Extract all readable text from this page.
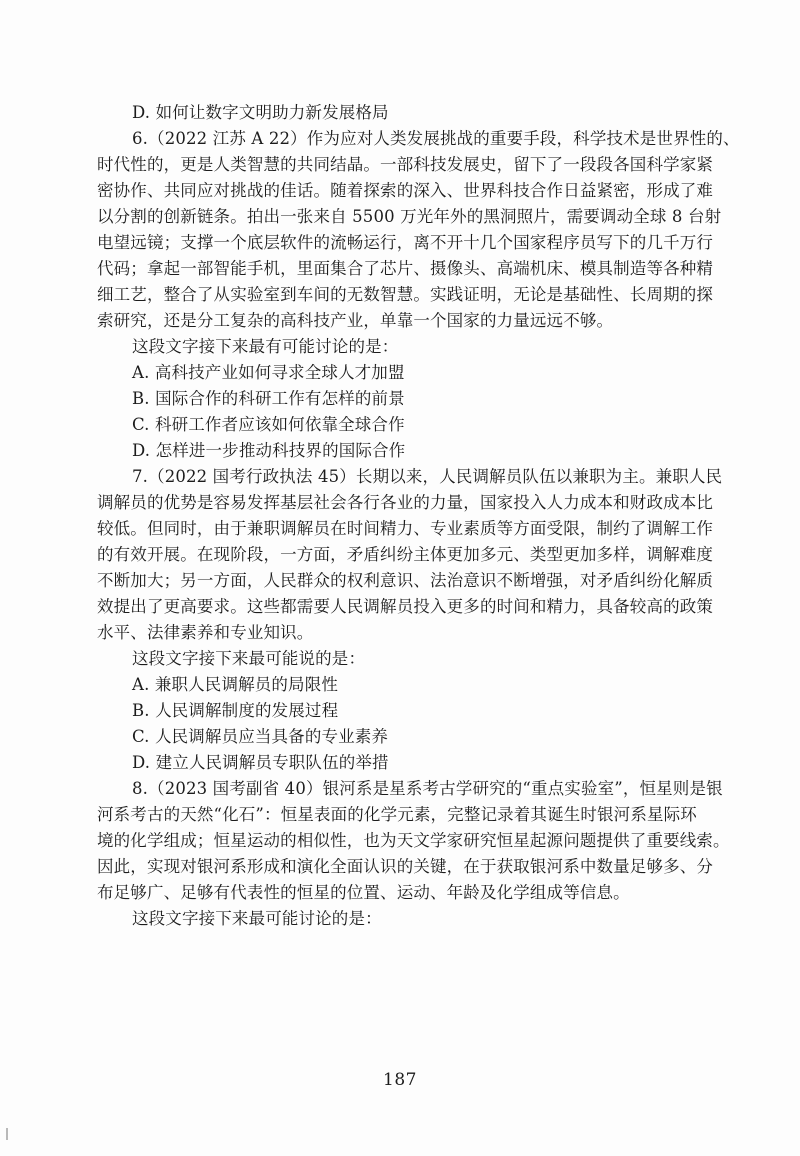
D. 如何让数字文明助力新发展格局

6.（2022 江苏 A 22）作为应对人类发展挑战的重要手段，科学技术是世界性的、

时代性的，更是人类智慧的共同结晶。一部科技发展史，留下了一段段各国科学家紧

密协作、共同应对挑战的佳话。随着探索的深入、世界科技合作日益紧密，形成了难

以分割的创新链条。拍出一张来自 5500 万光年外的黑洞照片，需要调动全球 8 台射

电望远镜；支撑一个底层软件的流畅运行，离不开十几个国家程序员写下的几千万行

代码；拿起一部智能手机，里面集合了芯片、摄像头、高端机床、模具制造等各种精

细工艺，整合了从实验室到车间的无数智慧。实践证明，无论是基础性、长周期的探

索研究，还是分工复杂的高科技产业，单靠一个国家的力量远远不够。

这段文字接下来最有可能讨论的是：

A. 高科技产业如何寻求全球人才加盟

B. 国际合作的科研工作有怎样的前景

C. 科研工作者应该如何依靠全球合作

D. 怎样进一步推动科技界的国际合作

7.（2022 国考行政执法 45）长期以来，人民调解员队伍以兼职为主。兼职人民

调解员的优势是容易发挥基层社会各行各业的力量，国家投入人力成本和财政成本比

较低。但同时，由于兼职调解员在时间精力、专业素质等方面受限，制约了调解工作

的有效开展。在现阶段，一方面，矛盾纠纷主体更加多元、类型更加多样，调解难度

不断加大；另一方面，人民群众的权利意识、法治意识不断增强，对矛盾纠纷化解质

效提出了更高要求。这些都需要人民调解员投入更多的时间和精力，具备较高的政策

水平、法律素养和专业知识。

这段文字接下来最可能说的是：

A. 兼职人民调解员的局限性

B. 人民调解制度的发展过程

C. 人民调解员应当具备的专业素养

D. 建立人民调解员专职队伍的举措

8.（2023 国考副省 40）银河系是星系考古学研究的“重点实验室”，恒星则是银

河系考古的天然“化石”：恒星表面的化学元素，完整记录着其诞生时银河系星际环

境的化学组成；恒星运动的相似性，也为天文学家研究恒星起源问题提供了重要线索。

因此，实现对银河系形成和演化全面认识的关键，在于获取银河系中数量足够多、分

布足够广、足够有代表性的恒星的位置、运动、年龄及化学组成等信息。

这段文字接下来最可能讨论的是：

187
